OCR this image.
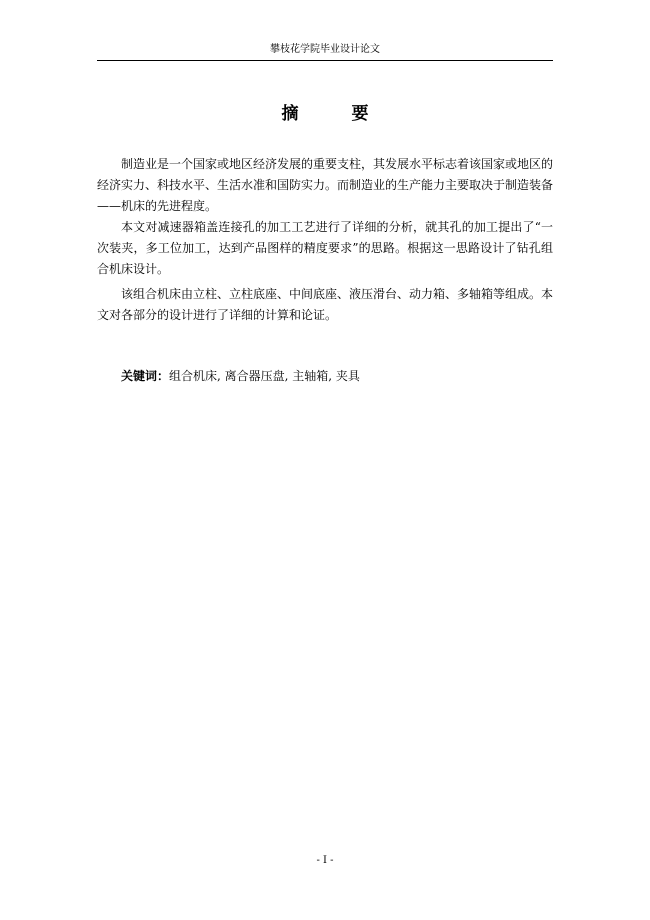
攀枝花学院毕业设计论文
摘　要

制造业是一个国家或地区经济发展的重要支柱，其发展水平标志着该国家或地区的经济实力、科技水平、生活水准和国防实力。而制造业的生产能力主要取决于制造装备——机床的先进程度。

本文对减速器箱盖连接孔的加工工艺进行了详细的分析，就其孔的加工提出了“一次装夹，多工位加工，达到产品图样的精度要求”的思路。根据这一思路设计了钻孔组合机床设计。

该组合机床由立柱、立柱底座、中间底座、液压滑台、动力箱、多轴箱等组成。本文对各部分的设计进行了详细的计算和论证。

关键词：组合机床, 离合器压盘, 主轴箱, 夹具
- I -
